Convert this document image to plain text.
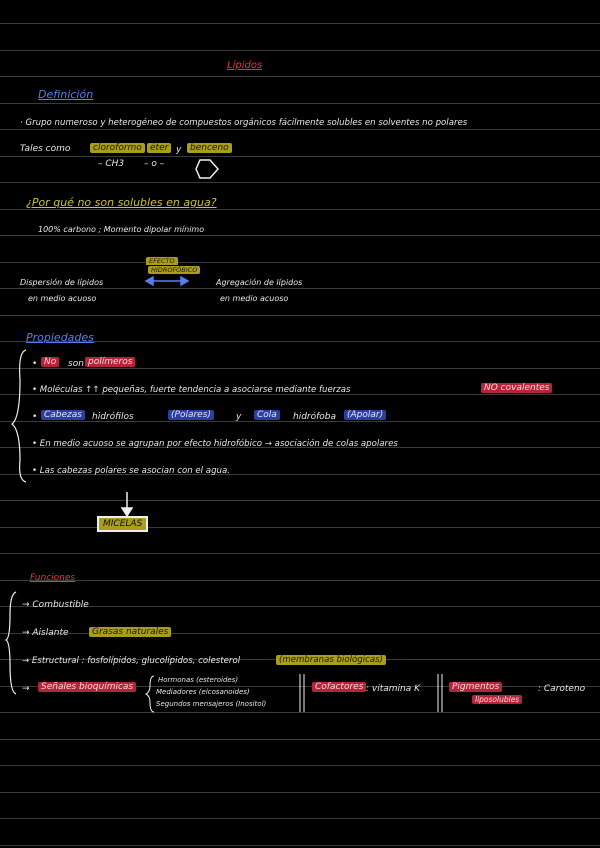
Lípidos
Definición
· Grupo numeroso y heterogéneo de compuestos orgánicos fácilmente solubles en solventes no polares
Tales como	cloroformo éter y benceno
– CH3 – o –
¿Por qué no son solubles en agua?
100% carbono ; Momento dipolar mínimo
Dispersión de lípidos
en medio acuoso
EFECTO
HIDROFÓBICO
Agregación de lípidos
en medio acuoso
Propiedades
• No	son polímeros
• Moléculas ↑↑ pequeñas, fuerte tendencia a asociarse mediante fuerzas	NO covalentes
• Cabezas	hidrófilos	(Polares)	y	Cola	hidrófoba	(Apolar)
• En medio acuoso se agrupan por efecto hidrofóbico → asociación de colas apolares
• Las cabezas polares se asocian con el agua.
MICELAS
Funciones
→ Combustible
→ Aislante	Grasas naturales
→ Estructural : fosfolípidos, glucolípidos, colesterol	(membranas biológicas)
→	Señales bioquímicas
Hormonas (esteroides)
Mediadores (eicosanoides)
Segundos mensajeros (Inositol)
Cofactores : vitamina K	Pigmentos
liposolubles
: Caroteno
